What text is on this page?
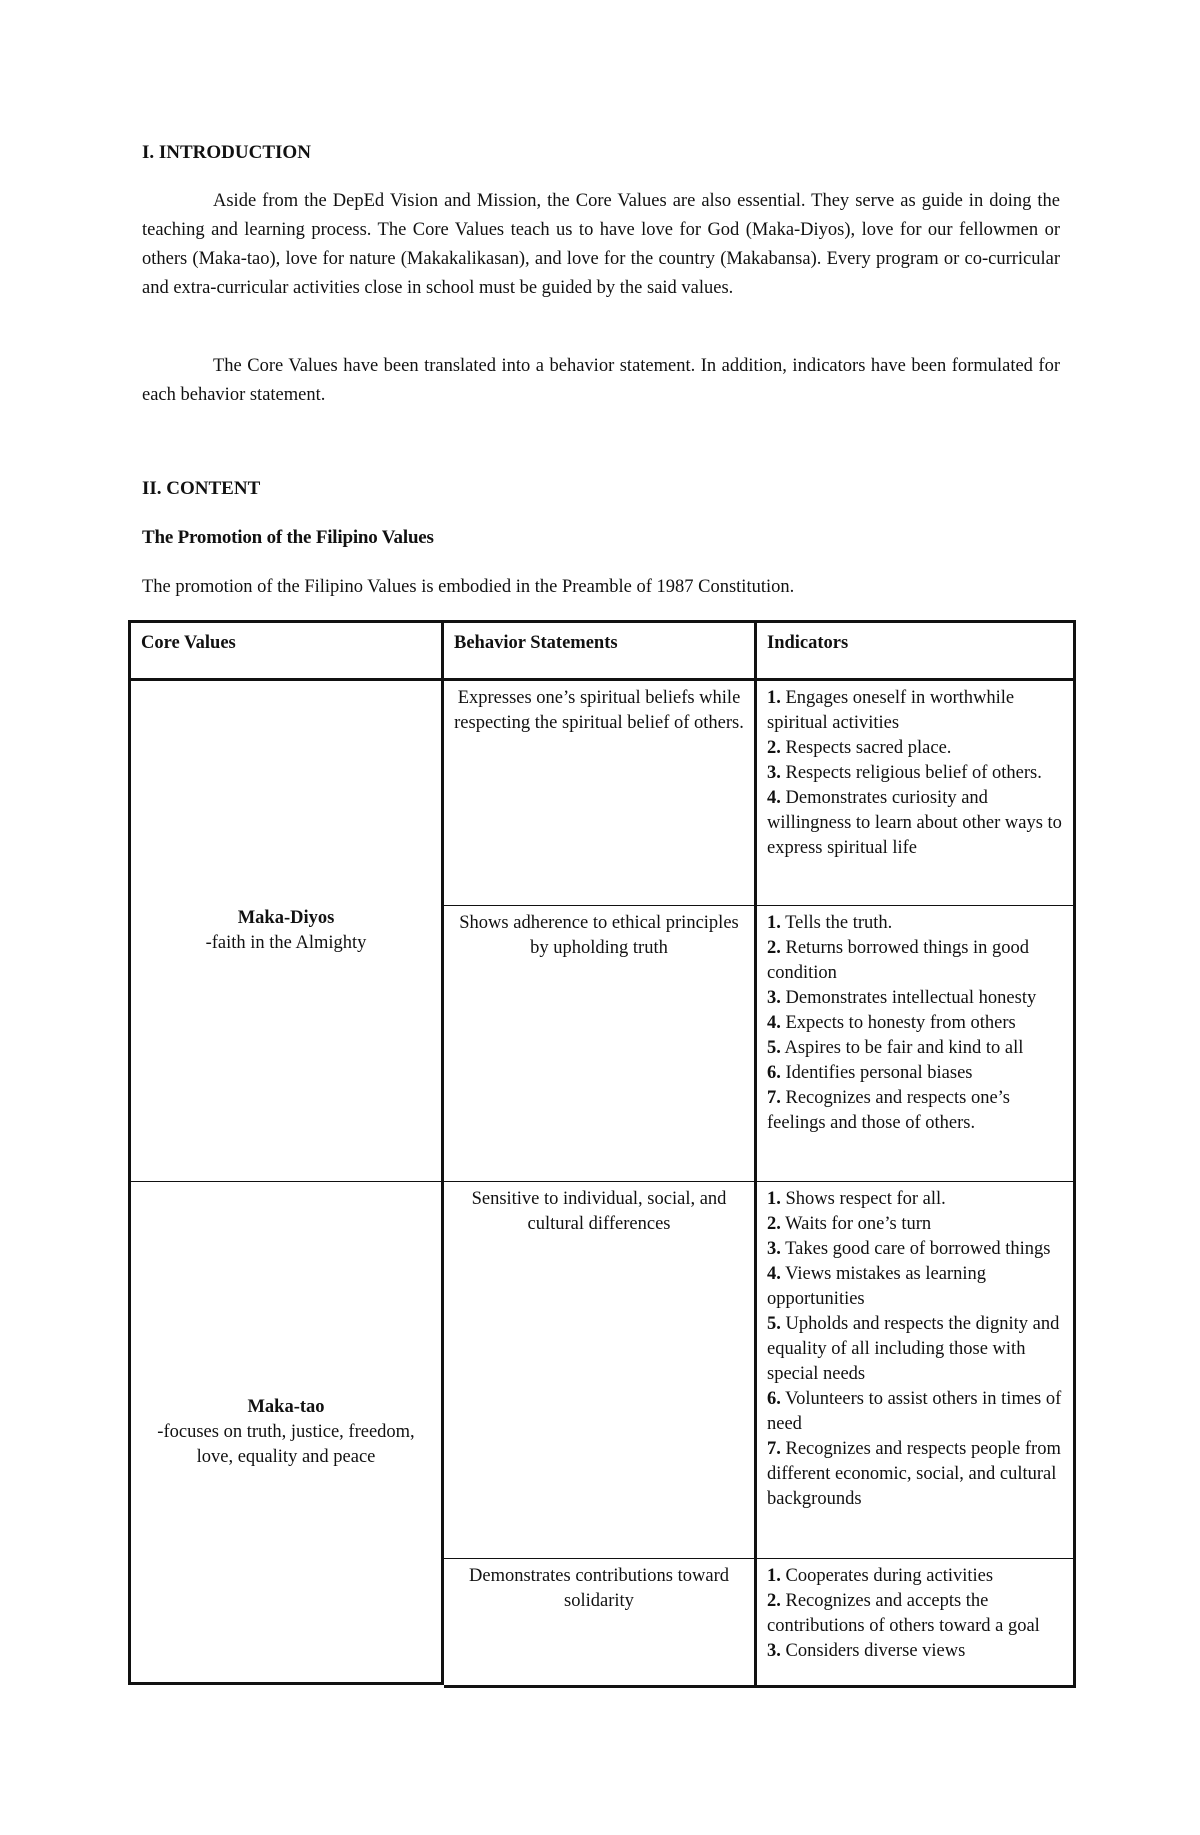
I. INTRODUCTION

Aside from the DepEd Vision and Mission, the Core Values are also essential. They serve as guide in doing the teaching and learning process. The Core Values teach us to have love for God (Maka-Diyos), love for our fellowmen or others (Maka-tao), love for nature (Makakalikasan), and love for the country (Makabansa). Every program or co-curricular and extra-curricular activities close in school must be guided by the said values.

The Core Values have been translated into a behavior statement. In addition, indicators have been formulated for each behavior statement.

II. CONTENT
The Promotion of the Filipino Values

The promotion of the Filipino Values is embodied in the Preamble of 1987 Constitution.

Core Values	Behavior Statements	Indicators
Maka-Diyos
-faith in the Almighty
Expresses one’s spiritual beliefs while respecting the spiritual belief of others.
1. Engages oneself in worthwhile spiritual activities
2. Respects sacred place.
3. Respects religious belief of others.
4. Demonstrates curiosity and willingness to learn about other ways to express spiritual life
Shows adherence to ethical principles by upholding truth
1. Tells the truth.
2. Returns borrowed things in good condition
3. Demonstrates intellectual honesty
4. Expects to honesty from others
5. Aspires to be fair and kind to all
6. Identifies personal biases
7. Recognizes and respects one’s feelings and those of others.
Maka-tao
-focuses on truth, justice, freedom, love, equality and peace
Sensitive to individual, social, and cultural differences
1. Shows respect for all.
2. Waits for one’s turn
3. Takes good care of borrowed things
4. Views mistakes as learning opportunities
5. Upholds and respects the dignity and equality of all including those with special needs
6. Volunteers to assist others in times of need
7. Recognizes and respects people from different economic, social, and cultural backgrounds
Demonstrates contributions toward solidarity
1. Cooperates during activities
2. Recognizes and accepts the contributions of others toward a goal
3. Considers diverse views
